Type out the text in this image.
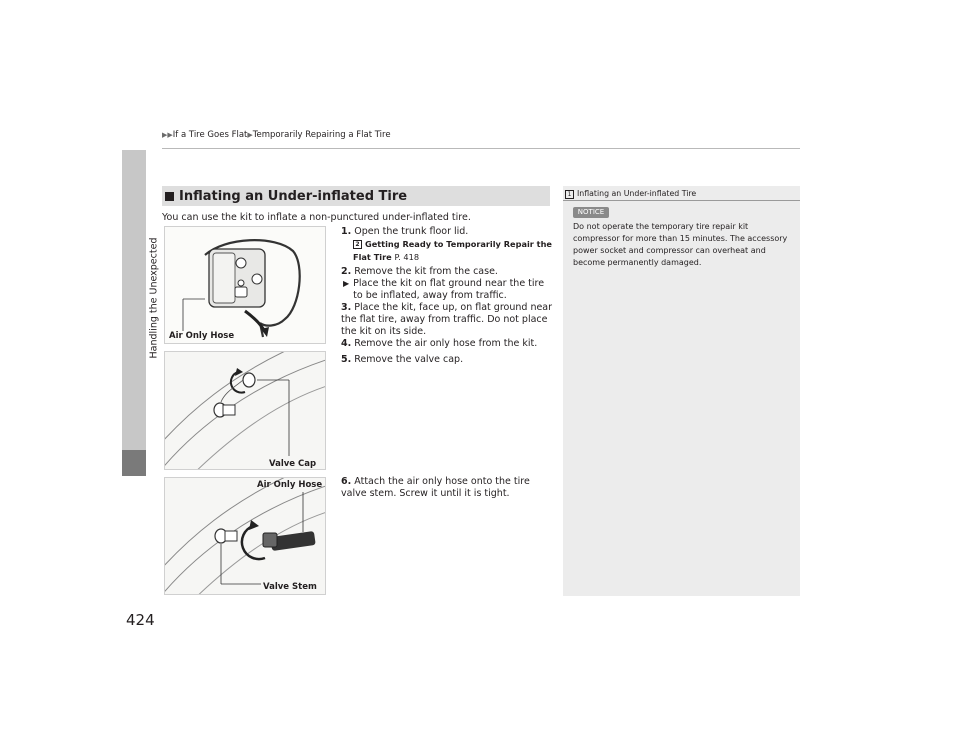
▶▶If a Tire Goes Flat▶Temporarily Repairing a Flat Tire
Handling the Unexpected
424
Inflating an Under-inflated Tire
You can use the kit to inflate a non-punctured under-inflated tire.
Air Only Hose
Valve Cap
Air Only Hose
Valve Stem
1. Open the trunk floor lid.
2 Getting Ready to Temporarily Repair the Flat Tire P. 418
2. Remove the kit from the case.
▶ Place the kit on flat ground near the tire to be inflated, away from traffic.
3. Place the kit, face up, on flat ground near the flat tire, away from traffic. Do not place the kit on its side.
4. Remove the air only hose from the kit.
5. Remove the valve cap.
6. Attach the air only hose onto the tire valve stem. Screw it until it is tight.
1 Inflating an Under-inflated Tire
NOTICE
Do not operate the temporary tire repair kit compressor for more than 15 minutes. The accessory power socket and compressor can overheat and become permanently damaged.
